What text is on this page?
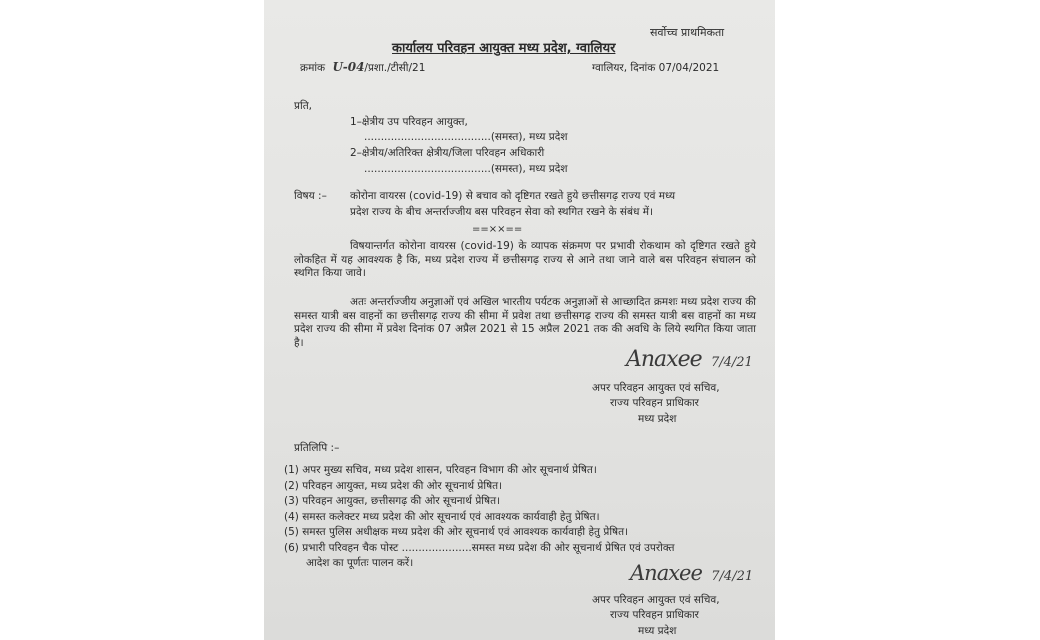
सर्वोच्च प्राथमिकता
कार्यालय परिवहन आयुक्त मध्य प्रदेश, ग्वालियर
क्रमांक U-04/प्रशा./टीसी/21	ग्वालियर, दिनांक 07/04/2021
प्रति,
1–क्षेत्रीय उप परिवहन आयुक्त,
......................................(समस्त), मध्य प्रदेश
2–क्षेत्रीय/अतिरिक्त क्षेत्रीय/जिला परिवहन अधिकारी
......................................(समस्त), मध्य प्रदेश
विषय :– कोरोना वायरस (covid-19) से बचाव को दृष्टिगत रखते हुये छत्तीसगढ़ राज्य एवं मध्य
प्रदेश राज्य के बीच अन्तर्राज्जीय बस परिवहन सेवा को स्थगित रखने के संबंध में।
==××==
विषयान्तर्गत कोरोना वायरस (covid-19) के व्यापक संक्रमण पर प्रभावी रोकथाम को दृष्टिगत रखते हुये लोकहित में यह आवश्यक है कि, मध्य प्रदेश राज्य में छत्तीसगढ़ राज्य से आने तथा जाने वाले बस परिवहन संचालन को स्थगित किया जावे।
अतः अन्तर्राज्जीय अनुज्ञाओं एवं अखिल भारतीय पर्यटक अनुज्ञाओं से आच्छादित क्रमशः मध्य प्रदेश राज्य की समस्त यात्री बस वाहनों का छत्तीसगढ़ राज्य की सीमा में प्रवेश तथा छत्तीसगढ़ राज्य की समस्त यात्री बस वाहनों का मध्य प्रदेश राज्य की सीमा में प्रवेश दिनांक 07 अप्रैल 2021 से 15 अप्रैल 2021 तक की अवधि के लिये स्थगित किया जाता है।
Anaxee 7/4/21
अपर परिवहन आयुक्त एवं सचिव,
राज्य परिवहन प्राधिकार
मध्य प्रदेश
प्रतिलिपि :–
(1) अपर मुख्य सचिव, मध्य प्रदेश शासन, परिवहन विभाग की ओर सूचनार्थ प्रेषित।
(2) परिवहन आयुक्त, मध्य प्रदेश की ओर सूचनार्थ प्रेषित।
(3) परिवहन आयुक्त, छत्तीसगढ़ की ओर सूचनार्थ प्रेषित।
(4) समस्त कलेक्टर मध्य प्रदेश की ओर सूचनार्थ एवं आवश्यक कार्यवाही हेतु प्रेषित।
(5) समस्त पुलिस अधीक्षक मध्य प्रदेश की ओर सूचनार्थ एवं आवश्यक कार्यवाही हेतु प्रेषित।
(6) प्रभारी परिवहन चैक पोस्ट .....................समस्त मध्य प्रदेश की ओर सूचनार्थ प्रेषित एवं उपरोक्त
आदेश का पूर्णतः पालन करें।	Anaxee 7/4/21
अपर परिवहन आयुक्त एवं सचिव,
राज्य परिवहन प्राधिकार
मध्य प्रदेश
